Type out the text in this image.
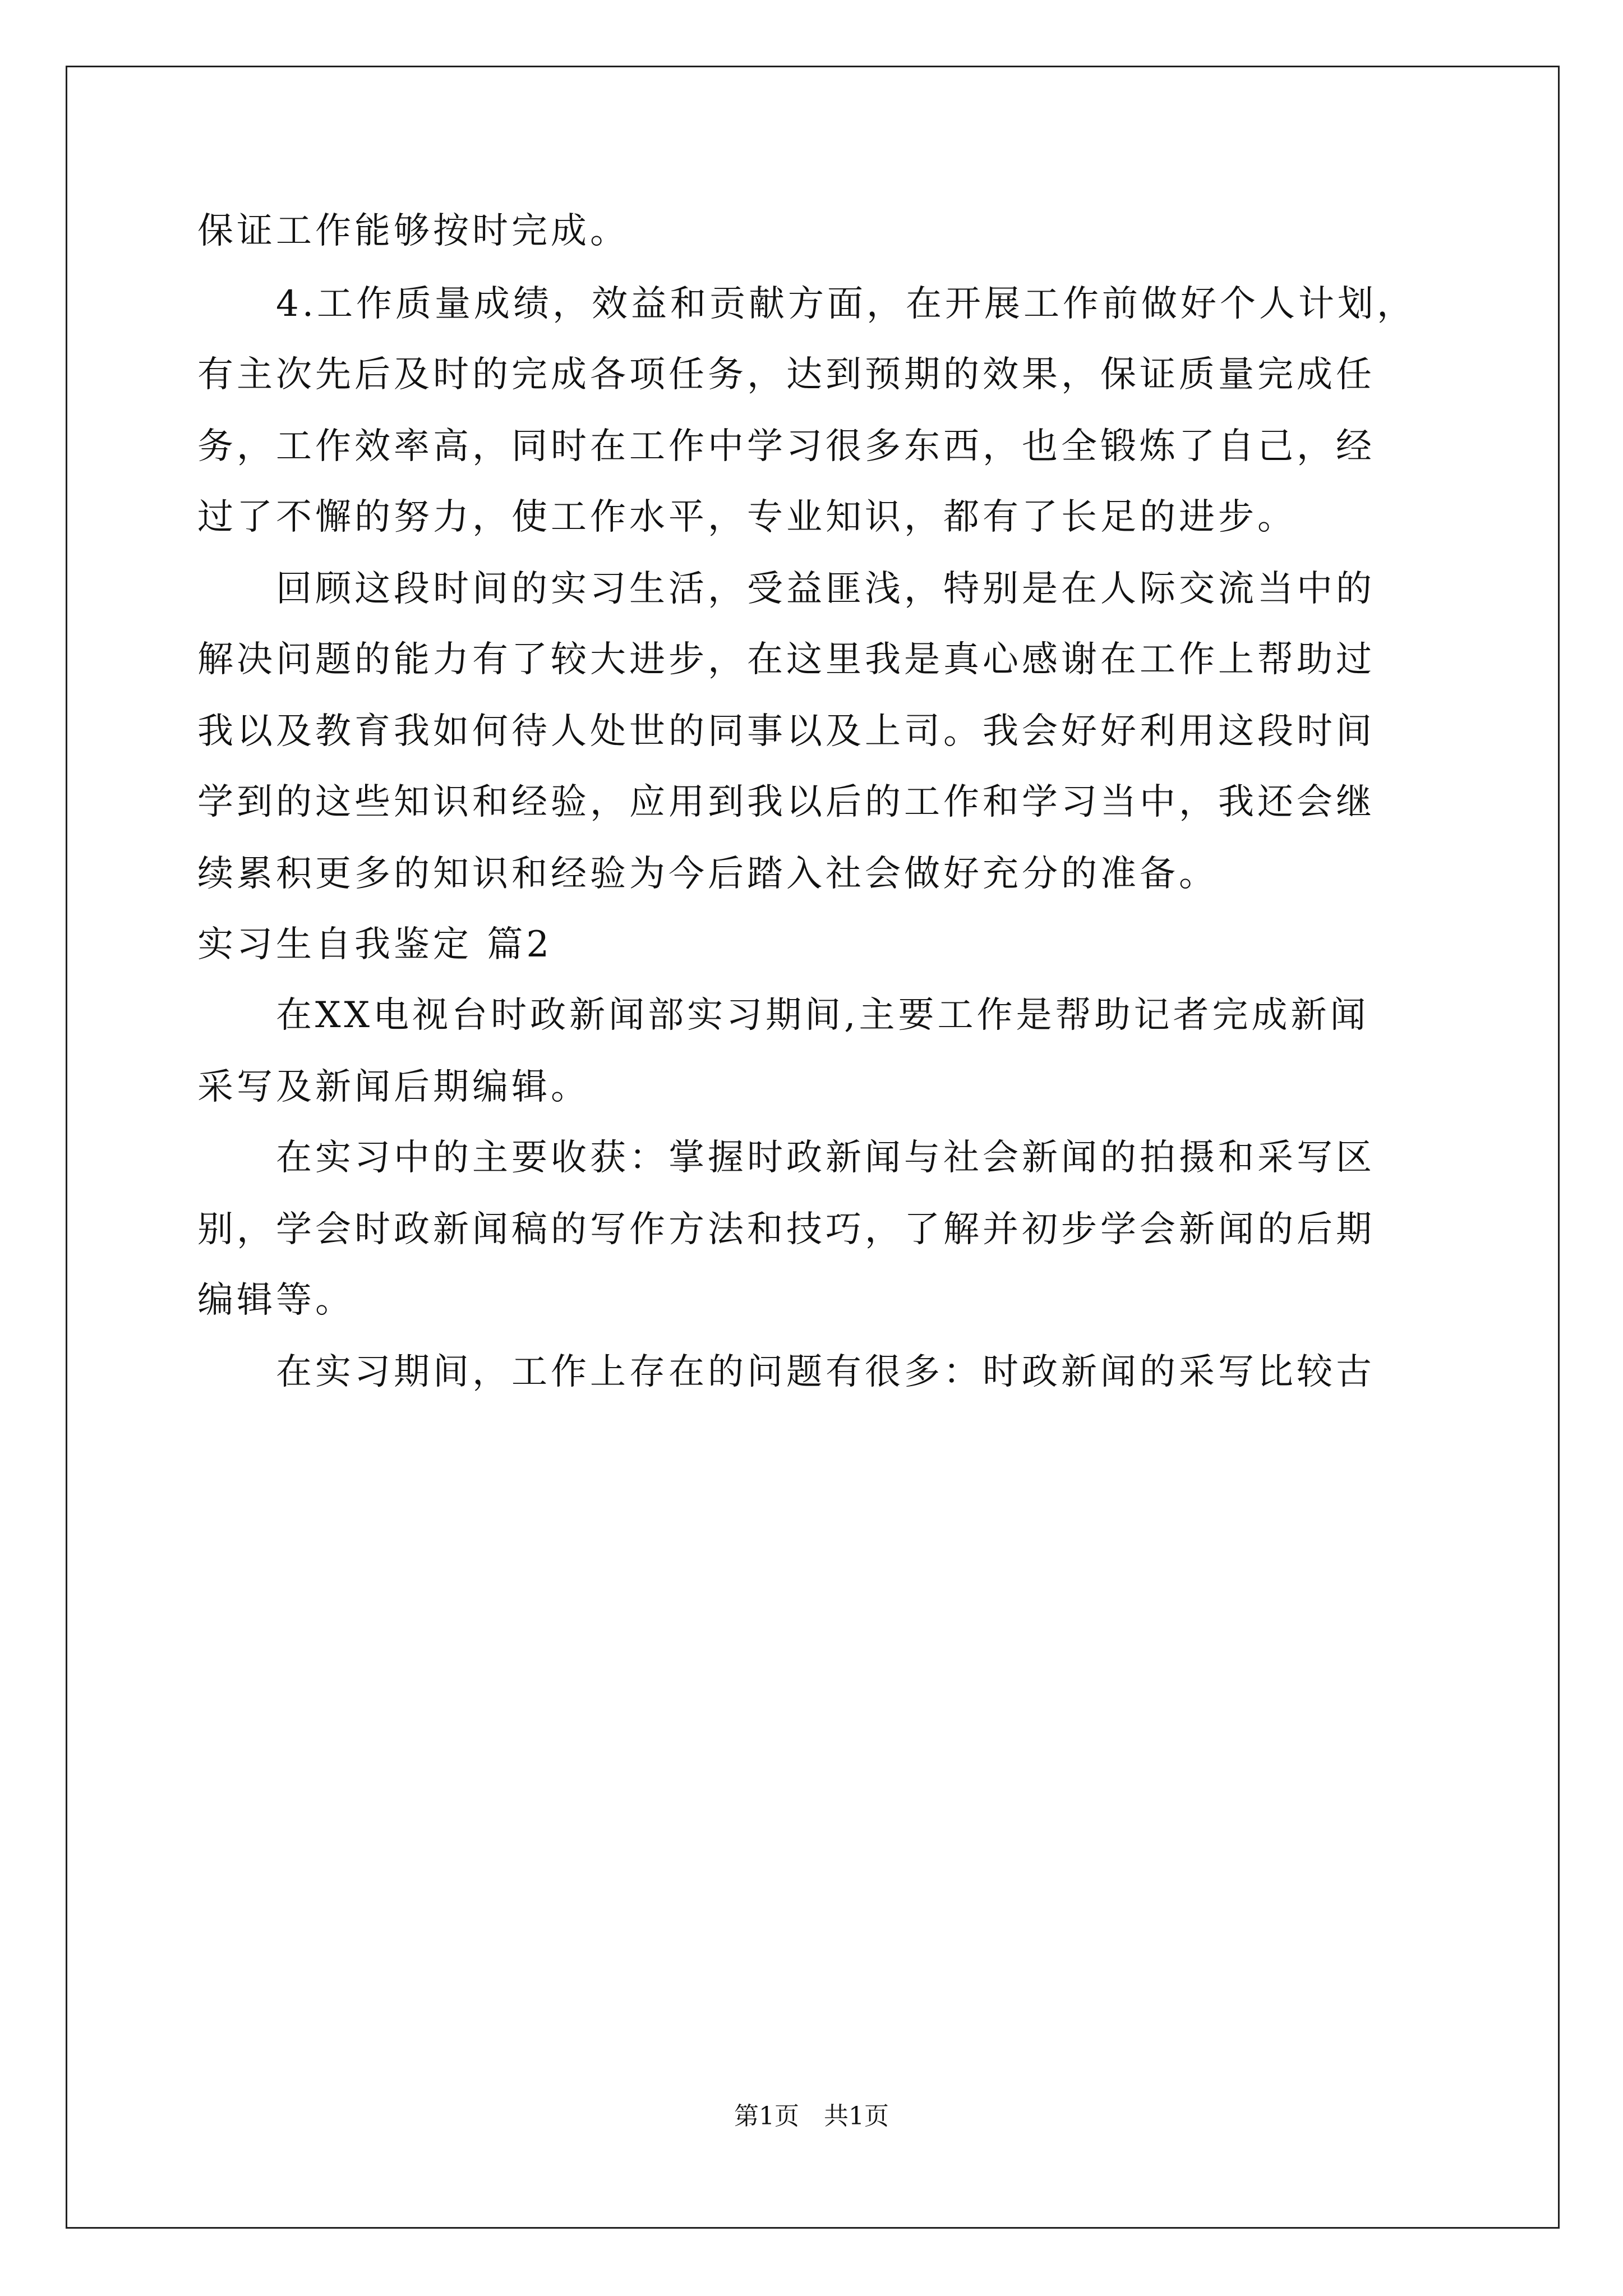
保证工作能够按时完成。
　　4.工作质量成绩，效益和贡献方面，在开展工作前做好个人计划，
有主次先后及时的完成各项任务，达到预期的效果，保证质量完成任
务，工作效率高，同时在工作中学习很多东西，也全锻炼了自己，经
过了不懈的努力，使工作水平，专业知识，都有了长足的进步。
　　回顾这段时间的实习生活，受益匪浅，特别是在人际交流当中的
解决问题的能力有了较大进步，在这里我是真心感谢在工作上帮助过
我以及教育我如何待人处世的同事以及上司。我会好好利用这段时间
学到的这些知识和经验，应用到我以后的工作和学习当中，我还会继
续累积更多的知识和经验为今后踏入社会做好充分的准备。
实习生自我鉴定 篇2
　　在XX电视台时政新闻部实习期间,主要工作是帮助记者完成新闻
采写及新闻后期编辑。
　　在实习中的主要收获：掌握时政新闻与社会新闻的拍摄和采写区
别，学会时政新闻稿的写作方法和技巧，了解并初步学会新闻的后期
编辑等。
　　在实习期间，工作上存在的问题有很多：时政新闻的采写比较古
第1页　共1页
